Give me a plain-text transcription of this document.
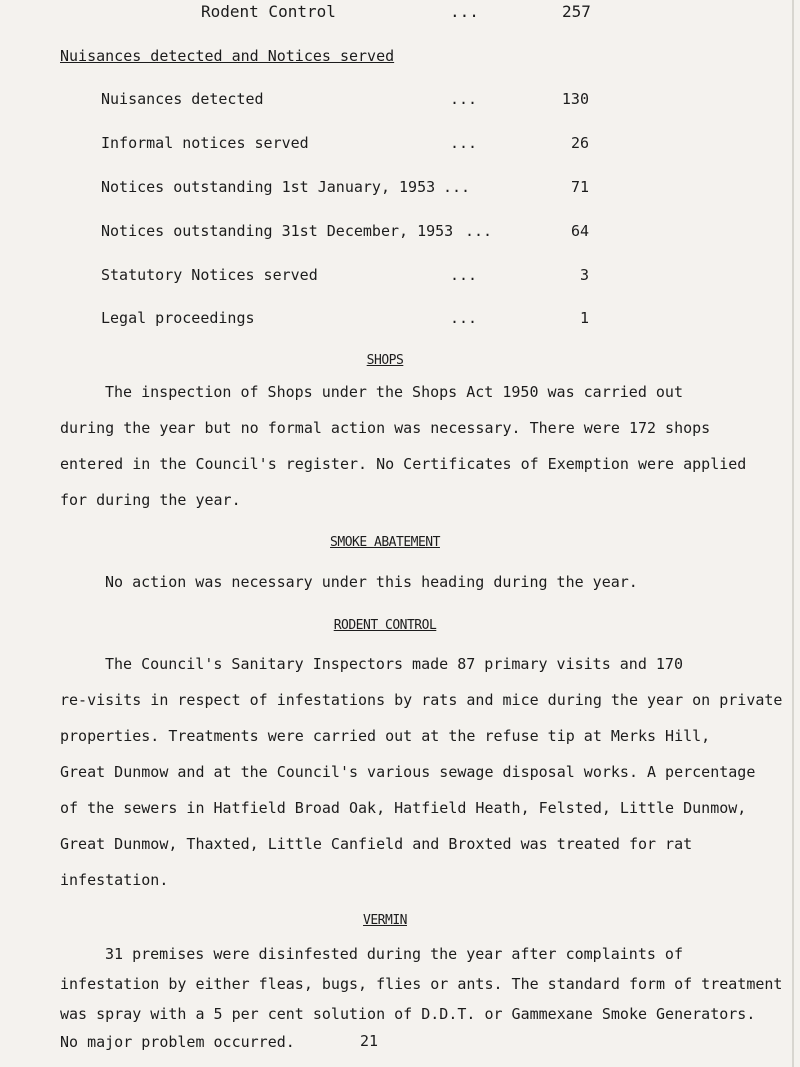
Rodent Control	...	257
Nuisances detected and Notices served
Nuisances detected	...	130
Informal notices served	...	26
Notices outstanding 1st January, 1953 ...	71
Notices outstanding 31st December, 1953 ...	64
Statutory Notices served	...	3
Legal proceedings	...	1
SHOPS

The inspection of Shops under the Shops Act 1950 was carried out

during the year but no formal action was necessary. There were 172 shops

entered in the Council's register. No Certificates of Exemption were applied

for during the year.

SMOKE ABATEMENT

No action was necessary under this heading during the year.

RODENT CONTROL

The Council's Sanitary Inspectors made 87 primary visits and 170

re-visits in respect of infestations by rats and mice during the year on private

properties. Treatments were carried out at the refuse tip at Merks Hill,

Great Dunmow and at the Council's various sewage disposal works. A percentage

of the sewers in Hatfield Broad Oak, Hatfield Heath, Felsted, Little Dunmow,

Great Dunmow, Thaxted, Little Canfield and Broxted was treated for rat

infestation.

VERMIN

31 premises were disinfested during the year after complaints of

infestation by either fleas, bugs, flies or ants. The standard form of treatment

was spray with a 5 per cent solution of D.D.T. or Gammexane Smoke Generators.

No major problem occurred.	21
